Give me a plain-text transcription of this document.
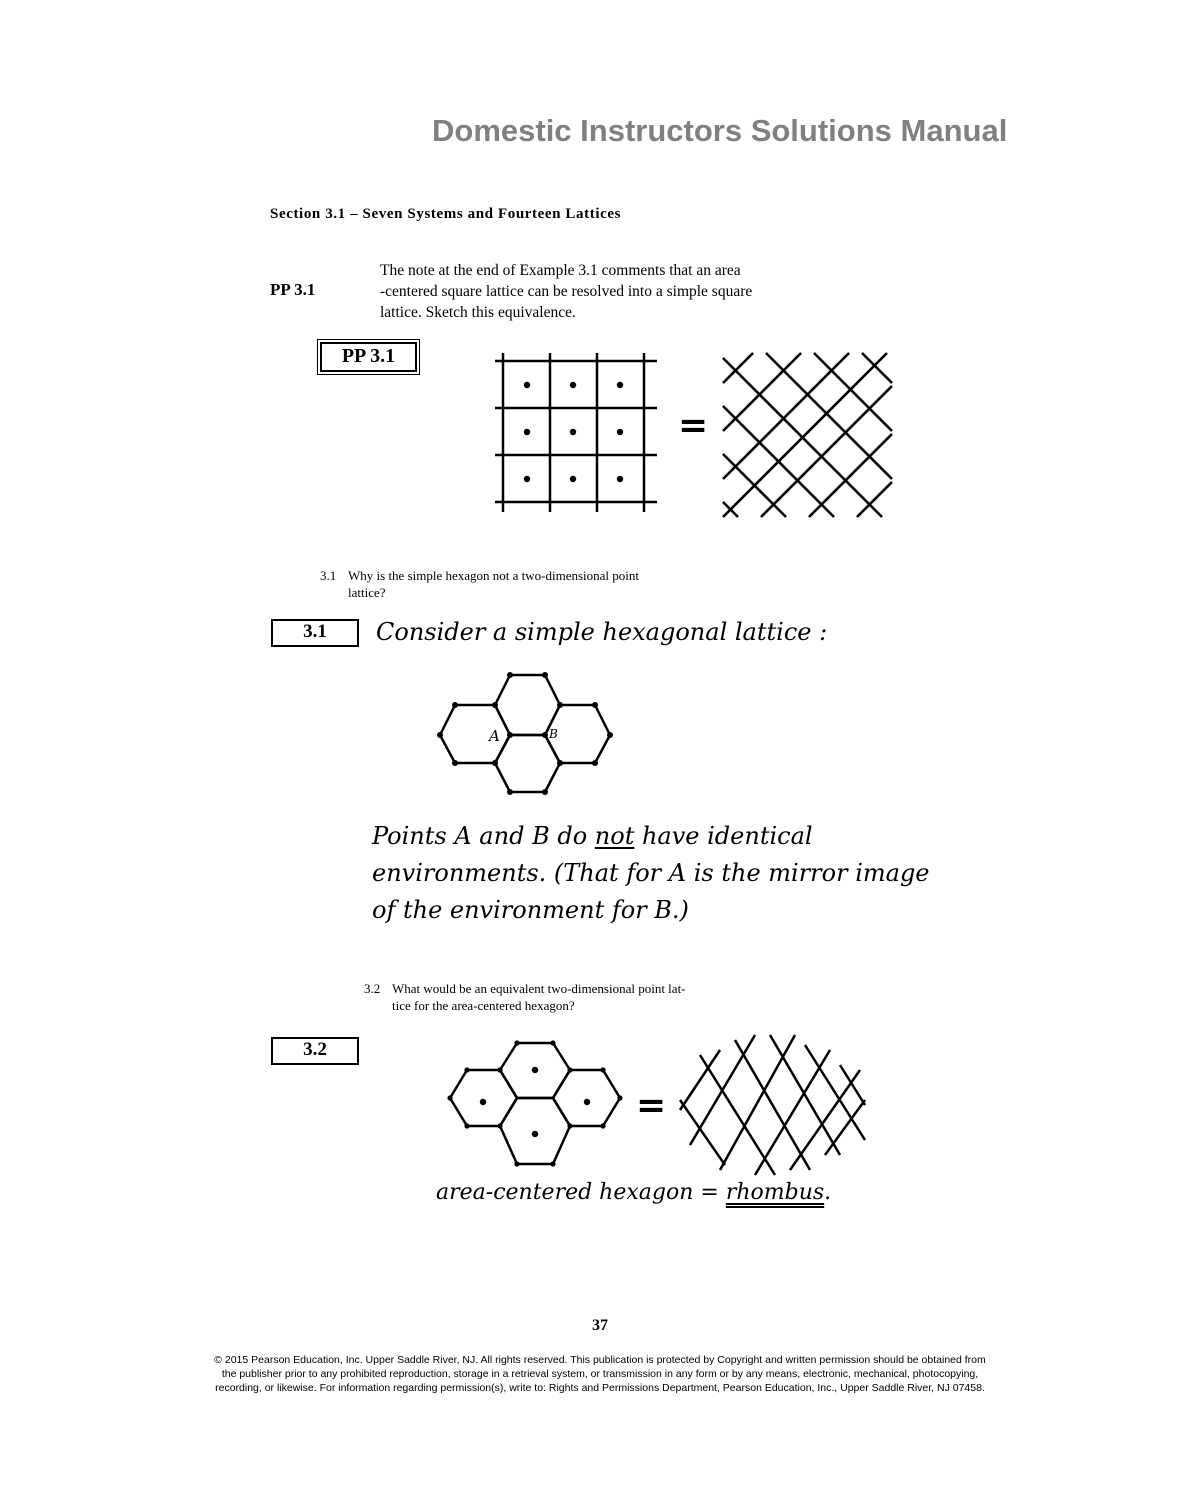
Domestic Instructors Solutions Manual
Section 3.1 – Seven Systems and Fourteen Lattices
PP 3.1
The note at the end of Example 3.1 comments that an area
-centered square lattice can be resolved into a simple square
lattice. Sketch this equivalence.
PP 3.1
=
3.1 Why is the simple hexagon not a two-dimensional point
lattice?
3.1	Consider a simple hexagonal lattice :
A	B
Points A and B do not have identical
environments. (That for A is the mirror image
of the environment for B.)
3.2 What would be an equivalent two-dimensional point lat-
tice for the area-centered hexagon?
3.2
=
area-centered hexagon = rhombus.
37
© 2015 Pearson Education, Inc. Upper Saddle River, NJ. All rights reserved. This publication is protected by Copyright and written permission should be obtained from
the publisher prior to any prohibited reproduction, storage in a retrieval system, or transmission in any form or by any means, electronic, mechanical, photocopying,
recording, or likewise. For information regarding permission(s), write to: Rights and Permissions Department, Pearson Education, Inc., Upper Saddle River, NJ 07458.
